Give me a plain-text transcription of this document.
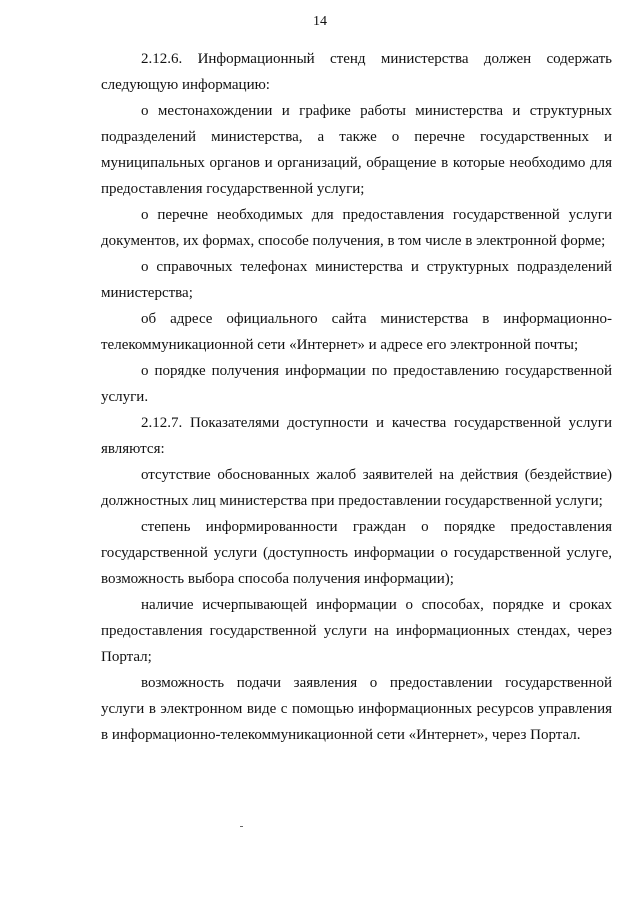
14

2.12.6. Информационный стенд министерства должен содержать следующую информацию:

о местонахождении и графике работы министерства и структурных подразделений министерства, а также о перечне государственных и муниципальных органов и организаций, обращение в которые необходимо для предоставления государственной услуги;

о перечне необходимых для предоставления государственной услуги документов, их формах, способе получения, в том числе в электронной форме;

о справочных телефонах министерства и структурных подразделений министерства;

об адресе официального сайта министерства в информационно-телекоммуникационной сети «Интернет» и адресе его электронной почты;

о порядке получения информации по предоставлению государственной услуги.

2.12.7. Показателями доступности и качества государственной услуги являются:

отсутствие обоснованных жалоб заявителей на действия (бездействие) должностных лиц министерства при предоставлении государственной услуги;

степень информированности граждан о порядке предоставления государственной услуги (доступность информации о государственной услуге, возможность выбора способа получения информации);

наличие исчерпывающей информации о способах, порядке и сроках предоставления государственной услуги на информационных стендах, через Портал;

возможность подачи заявления о предоставлении государственной услуги в электронном виде с помощью информационных ресурсов управления в информационно-телекоммуникационной сети «Интернет», через Портал.
